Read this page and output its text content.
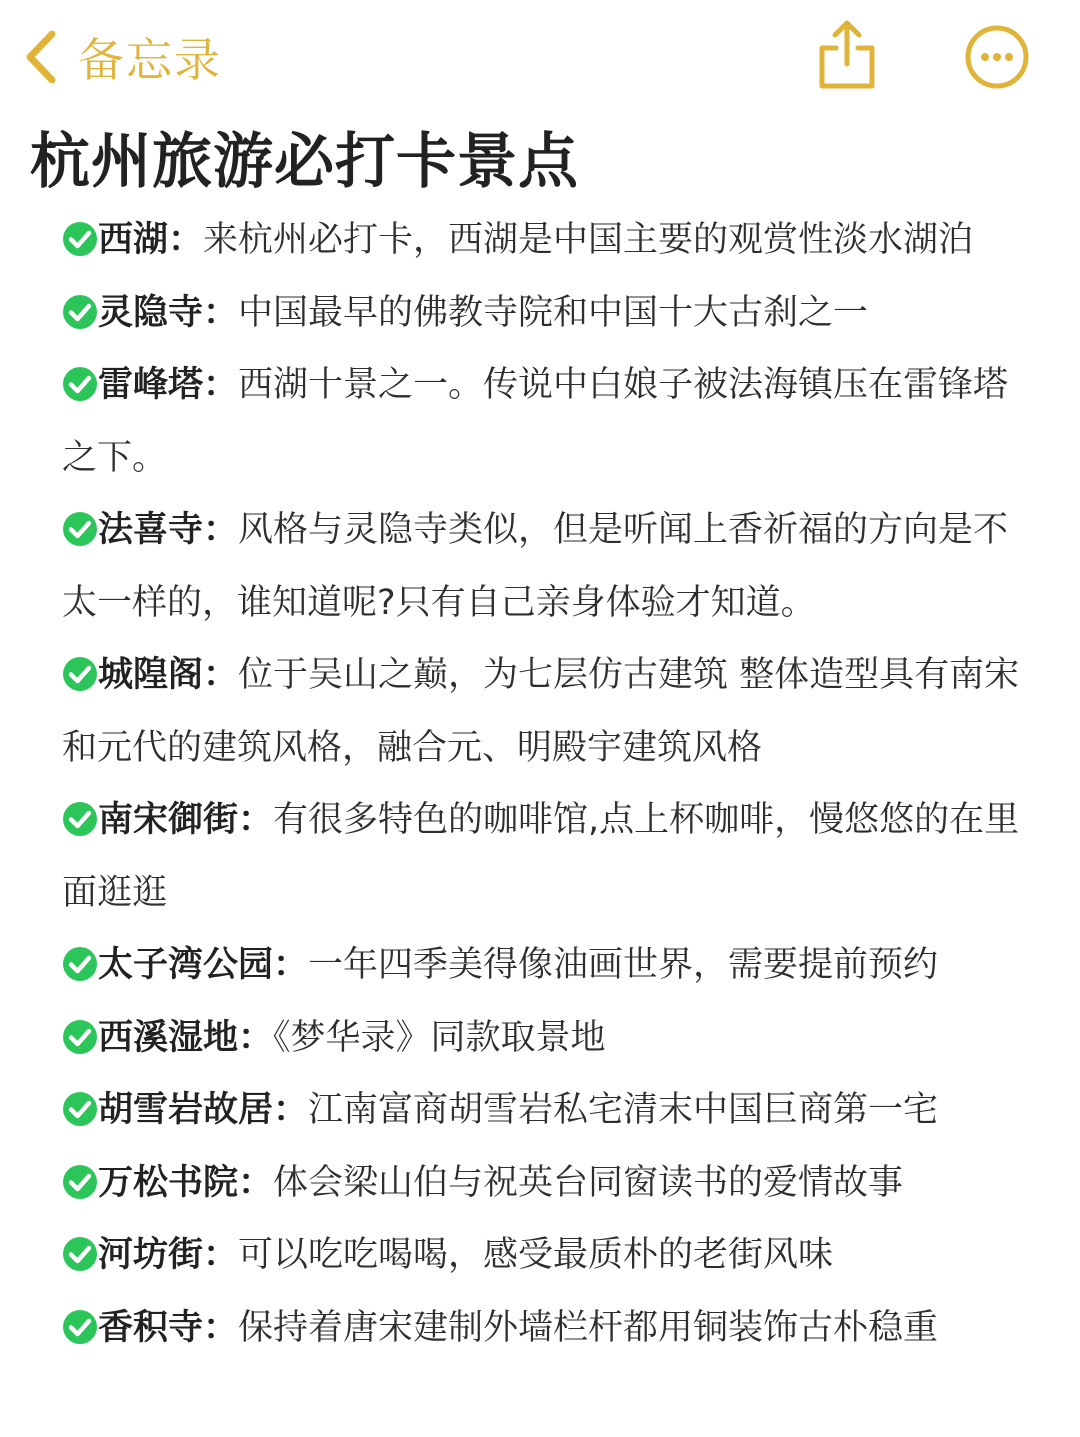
备忘录
杭州旅游必打卡景点
西湖：来杭州必打卡，西湖是中国主要的观赏性淡水湖泊
灵隐寺：中国最早的佛教寺院和中国十大古刹之一
雷峰塔：西湖十景之一。传说中白娘子被法海镇压在雷锋塔之下。
法喜寺：风格与灵隐寺类似，但是听闻上香祈福的方向是不太一样的，谁知道呢?只有自己亲身体验才知道。
城隍阁：位于吴山之巅，为七层仿古建筑 整体造型具有南宋和元代的建筑风格，融合元、明殿宇建筑风格
南宋御街：有很多特色的咖啡馆,点上杯咖啡，慢悠悠的在里面逛逛
太子湾公园：一年四季美得像油画世界，需要提前预约
西溪湿地：《梦华录》同款取景地
胡雪岩故居：江南富商胡雪岩私宅清末中国巨商第一宅
万松书院：体会梁山伯与祝英台同窗读书的爱情故事
河坊街：可以吃吃喝喝，感受最质朴的老街风味
香积寺：保持着唐宋建制外墙栏杆都用铜装饰古朴稳重
